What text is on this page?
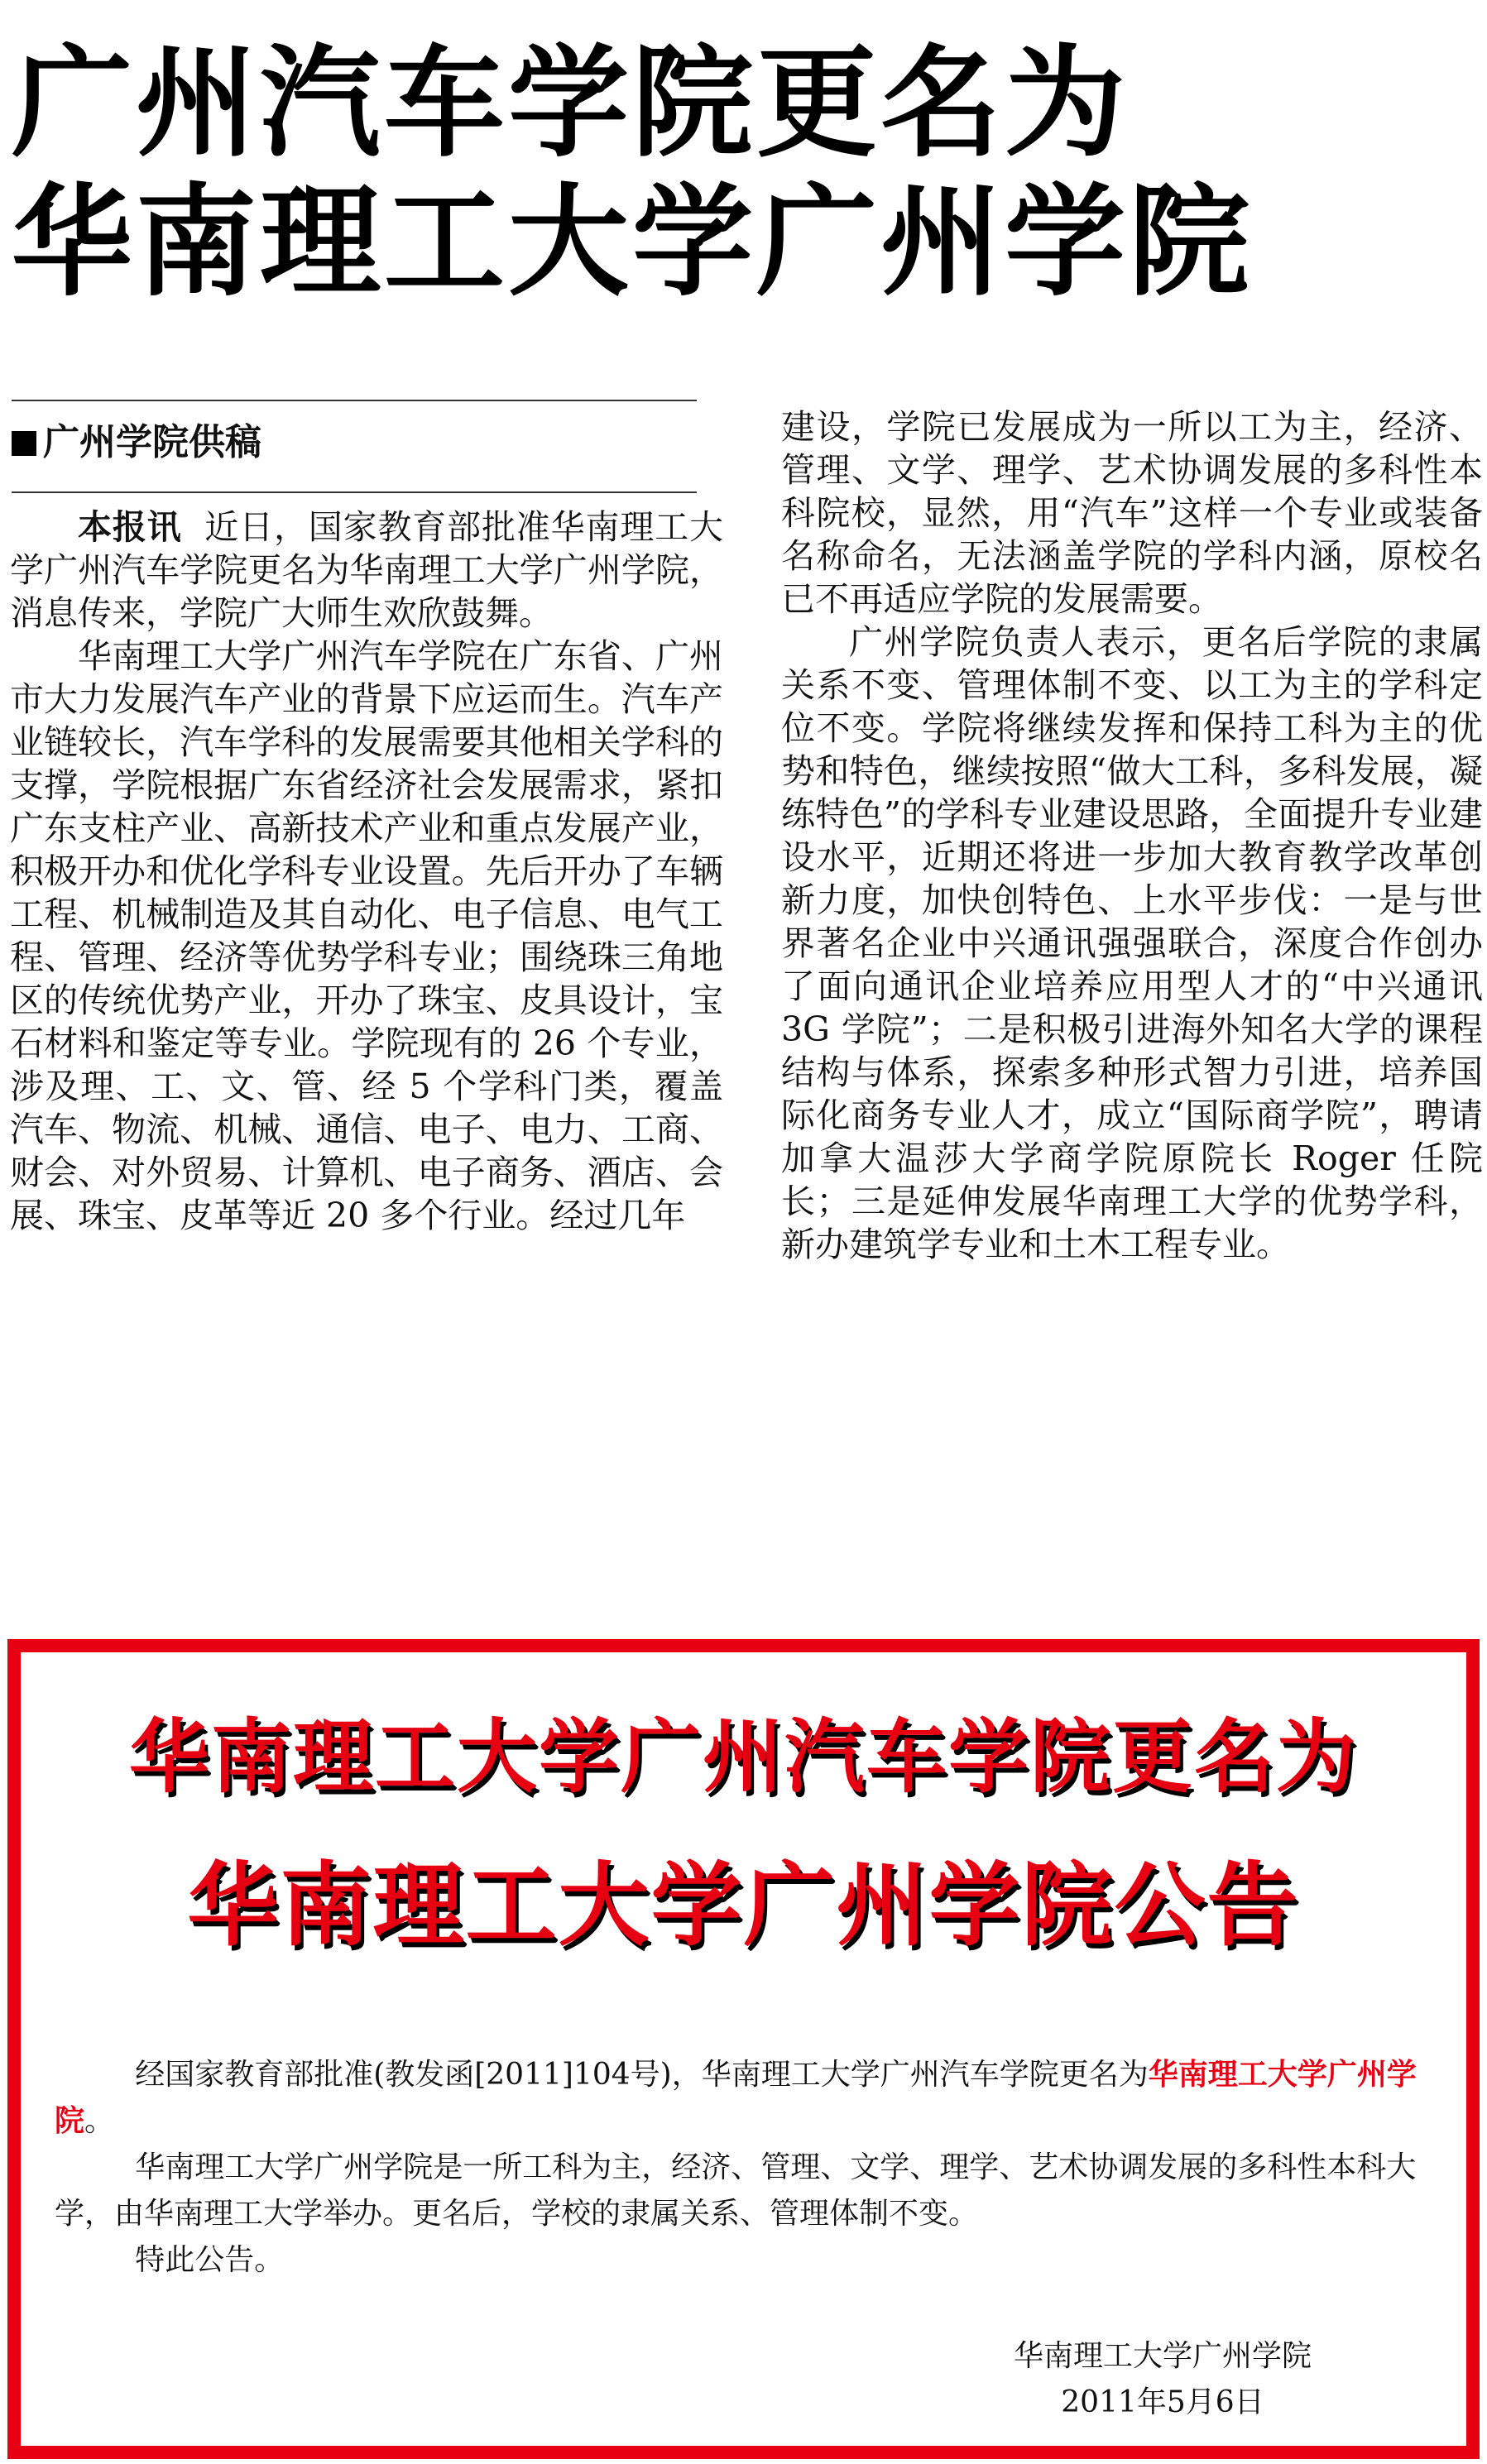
广州汽车学院更名为
华南理工大学广州学院
广州学院供稿

本报讯 近日，国家教育部批准华南理工大学广州汽车学院更名为华南理工大学广州学院，消息传来，学院广大师生欢欣鼓舞。

华南理工大学广州汽车学院在广东省、广州市大力发展汽车产业的背景下应运而生。汽车产业链较长，汽车学科的发展需要其他相关学科的支撑，学院根据广东省经济社会发展需求，紧扣广东支柱产业、高新技术产业和重点发展产业，积极开办和优化学科专业设置。先后开办了车辆工程、机械制造及其自动化、电子信息、电气工程、管理、经济等优势学科专业；围绕珠三角地区的传统优势产业，开办了珠宝、皮具设计，宝石材料和鉴定等专业。学院现有的 26 个专业，涉及理、工、文、管、经 5 个学科门类，覆盖汽车、物流、机械、通信、电子、电力、工商、财会、对外贸易、计算机、电子商务、酒店、会展、珠宝、皮革等近 20 多个行业。经过几年

建设，学院已发展成为一所以工为主，经济、管理、文学、理学、艺术协调发展的多科性本科院校，显然，用“汽车”这样一个专业或装备名称命名，无法涵盖学院的学科内涵，原校名已不再适应学院的发展需要。

广州学院负责人表示，更名后学院的隶属关系不变、管理体制不变、以工为主的学科定位不变。学院将继续发挥和保持工科为主的优势和特色，继续按照“做大工科，多科发展，凝练特色”的学科专业建设思路，全面提升专业建设水平，近期还将进一步加大教育教学改革创新力度，加快创特色、上水平步伐：一是与世界著名企业中兴通讯强强联合，深度合作创办了面向通讯企业培养应用型人才的“中兴通讯 3G 学院”；二是积极引进海外知名大学的课程结构与体系，探索多种形式智力引进，培养国际化商务专业人才，成立“国际商学院”，聘请加拿大温莎大学商学院原院长 Roger 任院长；三是延伸发展华南理工大学的优势学科，新办建筑学专业和土木工程专业。

华南理工大学广州汽车学院更名为
华南理工大学广州学院公告

经国家教育部批准(教发函[2011]104号)，华南理工大学广州汽车学院更名为华南理工大学广州学院。

华南理工大学广州学院是一所工科为主，经济、管理、文学、理学、艺术协调发展的多科性本科大学，由华南理工大学举办。更名后，学校的隶属关系、管理体制不变。

特此公告。

华南理工大学广州学院
2011年5月6日
